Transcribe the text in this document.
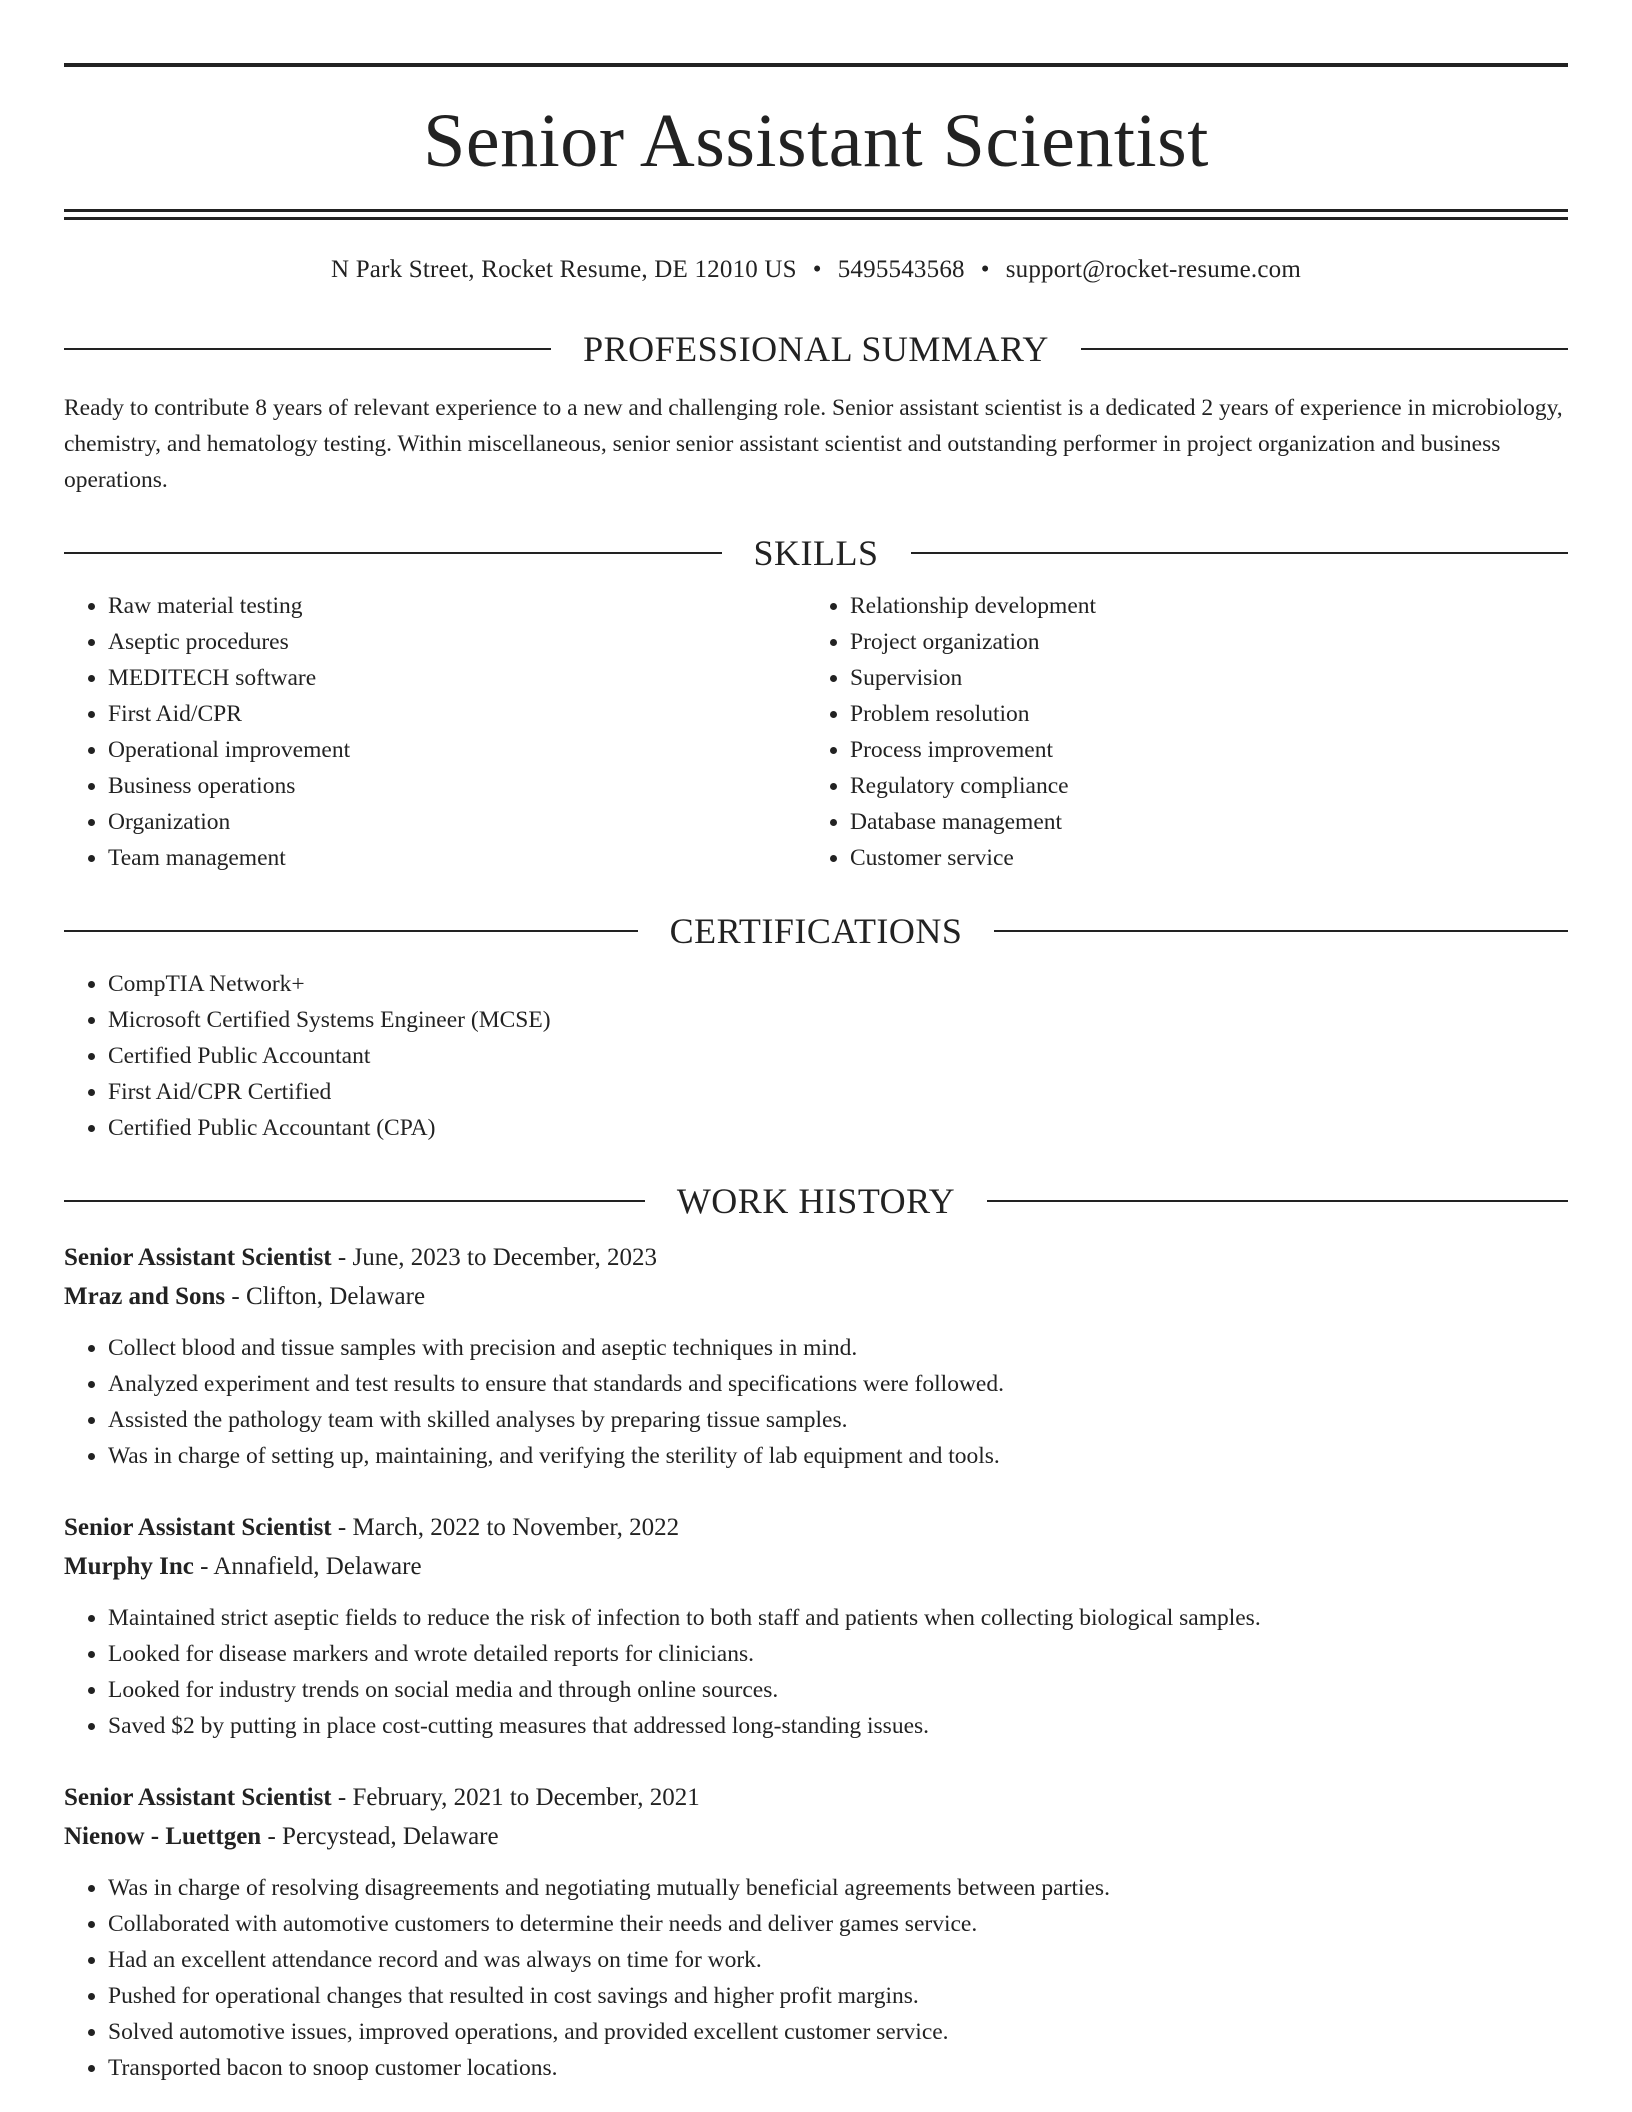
Senior Assistant Scientist
N Park Street, Rocket Resume, DE 12010 US • 5495543568 • support@rocket-resume.com
PROFESSIONAL SUMMARY
Ready to contribute 8 years of relevant experience to a new and challenging role. Senior assistant scientist is a dedicated 2 years of experience in microbiology, chemistry, and hematology testing. Within miscellaneous, senior senior assistant scientist and outstanding performer in project organization and business operations.
SKILLS
• Raw material testing
• Aseptic procedures
• MEDITECH software
• First Aid/CPR
• Operational improvement
• Business operations
• Organization
• Team management
• Relationship development
• Project organization
• Supervision
• Problem resolution
• Process improvement
• Regulatory compliance
• Database management
• Customer service
CERTIFICATIONS
• CompTIA Network+
• Microsoft Certified Systems Engineer (MCSE)
• Certified Public Accountant
• First Aid/CPR Certified
• Certified Public Accountant (CPA)
WORK HISTORY
Senior Assistant Scientist - June, 2023 to December, 2023
Mraz and Sons - Clifton, Delaware
• Collect blood and tissue samples with precision and aseptic techniques in mind.
• Analyzed experiment and test results to ensure that standards and specifications were followed.
• Assisted the pathology team with skilled analyses by preparing tissue samples.
• Was in charge of setting up, maintaining, and verifying the sterility of lab equipment and tools.
Senior Assistant Scientist - March, 2022 to November, 2022
Murphy Inc - Annafield, Delaware
• Maintained strict aseptic fields to reduce the risk of infection to both staff and patients when collecting biological samples.
• Looked for disease markers and wrote detailed reports for clinicians.
• Looked for industry trends on social media and through online sources.
• Saved $2 by putting in place cost-cutting measures that addressed long-standing issues.
Senior Assistant Scientist - February, 2021 to December, 2021
Nienow - Luettgen - Percystead, Delaware
• Was in charge of resolving disagreements and negotiating mutually beneficial agreements between parties.
• Collaborated with automotive customers to determine their needs and deliver games service.
• Had an excellent attendance record and was always on time for work.
• Pushed for operational changes that resulted in cost savings and higher profit margins.
• Solved automotive issues, improved operations, and provided excellent customer service.
• Transported bacon to snoop customer locations.
